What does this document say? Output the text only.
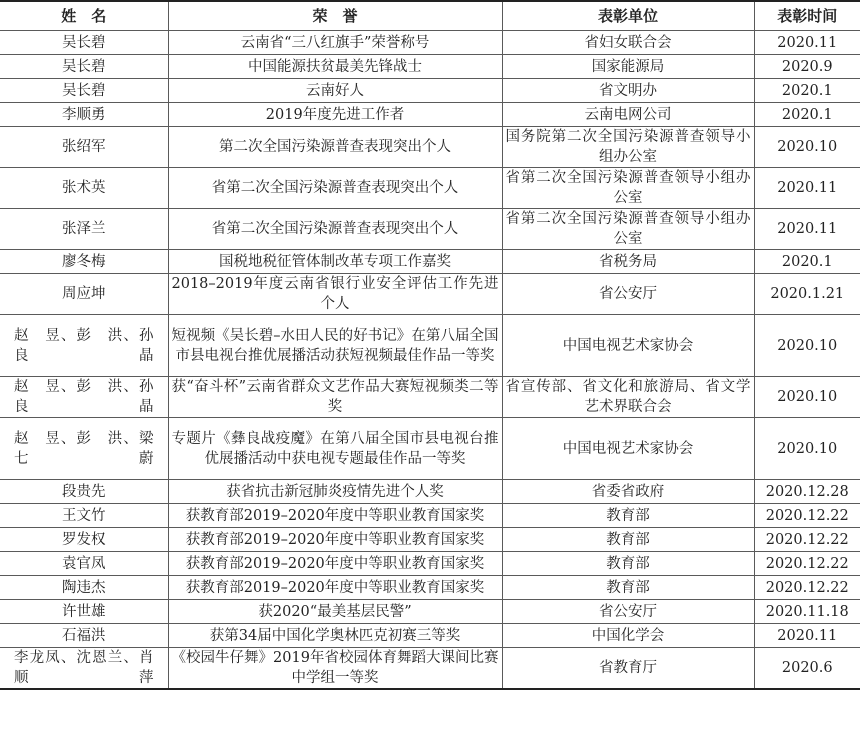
姓　名	荣　誉	表彰单位	表彰时间
吴长碧	云南省“三八红旗手”荣誉称号	省妇女联合会	2020.11
吴长碧	中国能源扶贫最美先锋战士	国家能源局	2020.9
吴长碧	云南好人	省文明办	2020.1
李顺勇	2019年度先进工作者	云南电网公司	2020.1
张绍军	第二次全国污染源普查表现突出个人	国务院第二次全国污染源普查领导小组办公室	2020.10
张术英	省第二次全国污染源普查表现突出个人	省第二次全国污染源普查领导小组办公室	2020.11
张泽兰	省第二次全国污染源普查表现突出个人	省第二次全国污染源普查领导小组办公室	2020.11
廖冬梅	国税地税征管体制改革专项工作嘉奖	省税务局	2020.1
周应坤	2018–2019年度云南省银行业安全评估工作先进个人	省公安厅	2020.1.21
赵　昱、彭　洪、孙良晶	短视频《吴长碧–水田人民的好书记》在第八届全国市县电视台推优展播活动获短视频最佳作品一等奖	中国电视艺术家协会	2020.10
赵　昱、彭　洪、孙良晶	获“奋斗杯”云南省群众文艺作品大赛短视频类二等奖	省宣传部、省文化和旅游局、省文学艺术界联合会	2020.10
赵　昱、彭　洪、梁七蔚	专题片《彝良战疫魔》在第八届全国市县电视台推优展播活动中获电视专题最佳作品一等奖	中国电视艺术家协会	2020.10
段贵先	获省抗击新冠肺炎疫情先进个人奖	省委省政府	2020.12.28
王文竹	获教育部2019–2020年度中等职业教育国家奖	教育部	2020.12.22
罗发权	获教育部2019–2020年度中等职业教育国家奖	教育部	2020.12.22
袁官凤	获教育部2019–2020年度中等职业教育国家奖	教育部	2020.12.22
陶违杰	获教育部2019–2020年度中等职业教育国家奖	教育部	2020.12.22
许世雄	获2020“最美基层民警”	省公安厅	2020.11.18
石福洪	获第34届中国化学奥林匹克初赛三等奖	中国化学会	2020.11
李龙凤、沈恩兰、肖顺萍	《校园牛仔舞》2019年省校园体育舞蹈大课间比赛中学组一等奖	省教育厅	2020.6
